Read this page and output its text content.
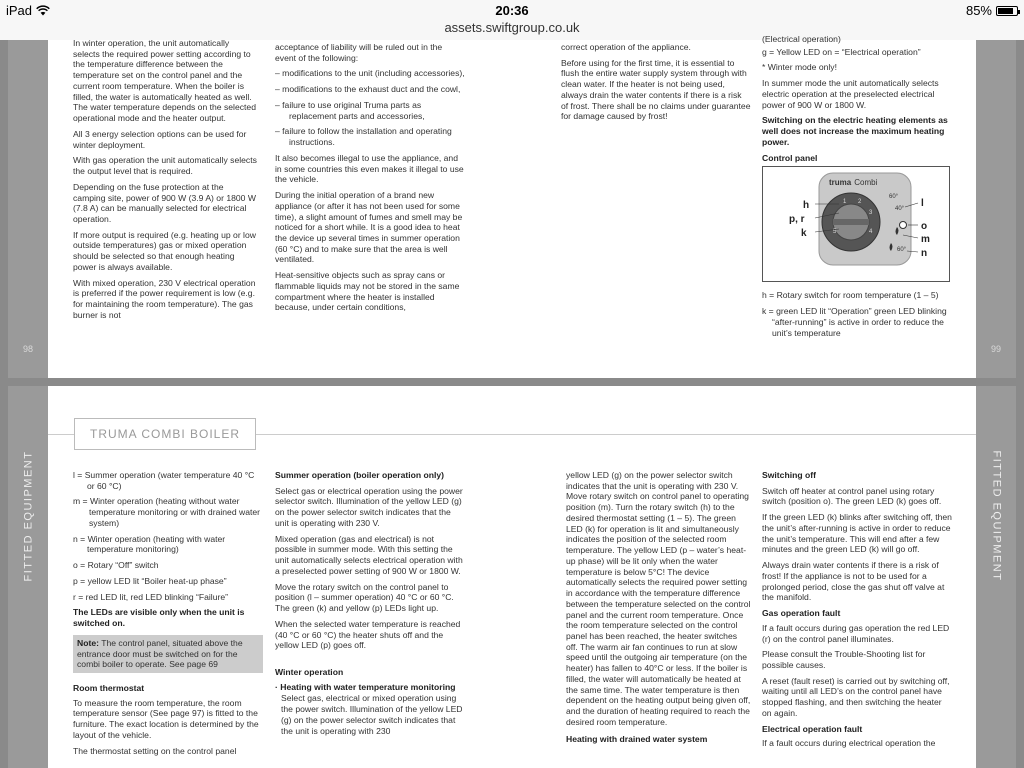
iPad	20:36
assets.swiftgroup.co.uk
85%
98	99

In winter operation, the unit automatically selects the required power setting according to the temperature difference between the temperature set on the control panel and the current room temperature. When the boiler is filled, the water is automatically heated as well. The water temperature depends on the selected operational mode and the heater output.

All 3 energy selection options can be used for winter deployment.

With gas operation the unit automatically selects the output level that is required.

Depending on the fuse protection at the camping site, power of 900 W (3.9 A) or 1800 W (7.8 A) can be manually selected for electrical operation.

If more output is required (e.g. heating up or low outside temperatures) gas or mixed operation should be selected so that enough heating power is always available.

With mixed operation, 230 V electrical operation is preferred if the power requirement is low (e.g. for maintaining the room temperature). The gas burner is not

acceptance of liability will be ruled out in the event of the following:

– modifications to the unit (including accessories),

– modifications to the exhaust duct and the cowl,

– failure to use original Truma parts as replacement parts and accessories,

– failure to follow the installation and operating instructions.

It also becomes illegal to use the appliance, and in some countries this even makes it illegal to use the vehicle.

During the initial operation of a brand new appliance (or after it has not been used for some time), a slight amount of fumes and smell may be noticed for a short while. It is a good idea to heat the device up several times in summer operation (60 °C) and to make sure that the area is well ventilated.

Heat-sensitive objects such as spray cans or flammable liquids may not be stored in the same compartment where the heater is installed because, under certain conditions,

correct operation of the appliance.

Before using for the first time, it is essential to flush the entire water supply system through with clean water. If the heater is not being used, always drain the water contents if there is a risk of frost. There shall be no claims under guarantee for damage caused by frost!

(Electrical operation)

g = Yellow LED on = “Electrical operation”

* Winter mode only!

In summer mode the unit automatically selects electric operation at the preselected electrical power of 900 W or 1800 W.

Switching on the electric heating elements as well does not increase the maximum heating power.

Control panel

truma Combi
1 2
3
4
5
60°
40°
60°
h
p, r
k
l
o
m
n

h = Rotary switch for room temperature (1 – 5)

k = green LED lit “Operation” green LED blinking “after-running” is active in order to reduce the unit’s temperature

FITTED EQUIPMENT	FITTED EQUIPMENT
TRUMA COMBI BOILER

l = Summer operation (water temperature 40 °C or 60 °C)

m = Winter operation (heating without water temperature monitoring or with drained water system)

n = Winter operation (heating with water temperature monitoring)

o = Rotary “Off” switch

p = yellow LED lit “Boiler heat-up phase”

r = red LED lit, red LED blinking “Failure”

The LEDs are visible only when the unit is switched on.

Note: The control panel, situated above the entrance door must be switched on for the combi boiler to operate. See page 69

Room thermostat

To measure the room temperature, the room temperature sensor (See page 97) is fitted to the furniture. The exact location is determined by the layout of the vehicle.

The thermostat setting on the control panel

Summer operation (boiler operation only)

Select gas or electrical operation using the power selector switch. Illumination of the yellow LED (g) on the power selector switch indicates that the unit is operating with 230 V.

Mixed operation (gas and electrical) is not possible in summer mode. With this setting the unit automatically selects electrical operation with a preselected power setting of 900 W or 1800 W.

Move the rotary switch on the control panel to position (l – summer operation) 40 °C or 60 °C. The green (k) and yellow (p) LEDs light up.

When the selected water temperature is reached (40 °C or 60 °C) the heater shuts off and the yellow LED (p) goes off.

Winter operation

· Heating with water temperature monitoring

Select gas, electrical or mixed operation using the power switch. Illumination of the yellow LED (g) on the power selector switch indicates that the unit is operating with 230

yellow LED (g) on the power selector switch indicates that the unit is operating with 230 V. Move rotary switch on control panel to operating position (m). Turn the rotary switch (h) to the desired thermostat setting (1 – 5). The green LED (k) for operation is lit and simultaneously indicates the position of the selected room temperature. The yellow LED (p – water’s heat-up phase) will be lit only when the water temperature is below 5°C! The device automatically selects the required power setting in accordance with the temperature difference between the temperature selected on the control panel and the current room temperature. Once the room temperature selected on the control panel has been reached, the heater switches off. The warm air fan continues to run at slow speed until the outgoing air temperature (on the heater) has fallen to 40°C or less. If the boiler is filled, the water will automatically be heated at the same time. The water temperature is then dependent on the heating output being given off, and the duration of heating required to reach the desired room temperature.

Heating with drained water system

Switching off

Switch off heater at control panel using rotary switch (position o). The green LED (k) goes off.

If the green LED (k) blinks after switching off, then the unit’s after-running is active in order to reduce the unit’s temperature. This will end after a few minutes and the green LED (k) will go off.

Always drain water contents if there is a risk of frost! If the appliance is not to be used for a prolonged period, close the gas shut off valve at the manifold.

Gas operation fault

If a fault occurs during gas operation the red LED (r) on the control panel illuminates.

Please consult the Trouble-Shooting list for possible causes.

A reset (fault reset) is carried out by switching off, waiting until all LED’s on the control panel have stopped flashing, and then switching the heater on again.

Electrical operation fault

If a fault occurs during electrical operation the
